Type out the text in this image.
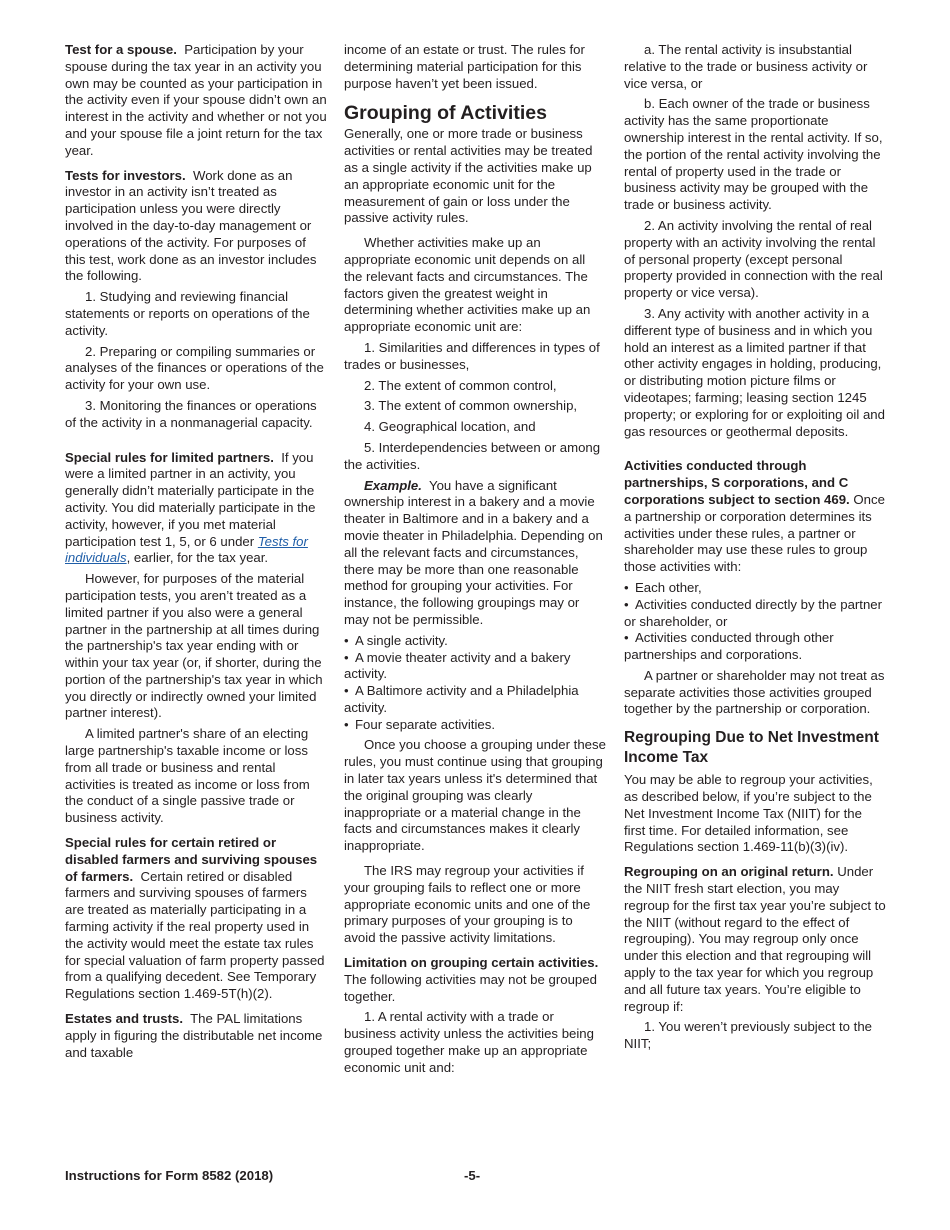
Test for a spouse. Participation by your spouse during the tax year in an activity you own may be counted as your participation in the activity even if your spouse didn’t own an interest in the activity and whether or not you and your spouse file a joint return for the tax year.

Tests for investors. Work done as an investor in an activity isn’t treated as participation unless you were directly involved in the day-to-day management or operations of the activity. For purposes of this test, work done as an investor includes the following.

1. Studying and reviewing financial statements or reports on operations of the activity.

2. Preparing or compiling summaries or analyses of the finances or operations of the activity for your own use.

3. Monitoring the finances or operations of the activity in a nonmanagerial capacity.

Special rules for limited partners. If you were a limited partner in an activity, you generally didn’t materially participate in the activity. You did materially participate in the activity, however, if you met material participation test 1, 5, or 6 under Tests for individuals, earlier, for the tax year.

However, for purposes of the material participation tests, you aren’t treated as a limited partner if you also were a general partner in the partnership at all times during the partnership's tax year ending with or within your tax year (or, if shorter, during the portion of the partnership's tax year in which you directly or indirectly owned your limited partner interest).

A limited partner's share of an electing large partnership's taxable income or loss from all trade or business and rental activities is treated as income or loss from the conduct of a single passive trade or business activity.

Special rules for certain retired or disabled farmers and surviving spouses of farmers. Certain retired or disabled farmers and surviving spouses of farmers are treated as materially participating in a farming activity if the real property used in the activity would meet the estate tax rules for special valuation of farm property passed from a qualifying decedent. See Temporary Regulations section 1.469-5T(h)(2).

Estates and trusts. The PAL limitations apply in figuring the distributable net income and taxable

income of an estate or trust. The rules for determining material participation for this purpose haven’t yet been issued.

Grouping of Activities

Generally, one or more trade or business activities or rental activities may be treated as a single activity if the activities make up an appropriate economic unit for the measurement of gain or loss under the passive activity rules.

Whether activities make up an appropriate economic unit depends on all the relevant facts and circumstances. The factors given the greatest weight in determining whether activities make up an appropriate economic unit are:

1. Similarities and differences in types of trades or businesses,

2. The extent of common control,

3. The extent of common ownership,

4. Geographical location, and

5. Interdependencies between or among the activities.

Example. You have a significant ownership interest in a bakery and a movie theater in Baltimore and in a bakery and a movie theater in Philadelphia. Depending on all the relevant facts and circumstances, there may be more than one reasonable method for grouping your activities. For instance, the following groupings may or may not be permissible.

• A single activity.
• A movie theater activity and a bakery activity.
• A Baltimore activity and a Philadelphia activity.
• Four separate activities.

Once you choose a grouping under these rules, you must continue using that grouping in later tax years unless it's determined that the original grouping was clearly inappropriate or a material change in the facts and circumstances makes it clearly inappropriate.

The IRS may regroup your activities if your grouping fails to reflect one or more appropriate economic units and one of the primary purposes of your grouping is to avoid the passive activity limitations.

Limitation on grouping certain activities.  The following activities may not be grouped together.

1. A rental activity with a trade or business activity unless the activities being grouped together make up an appropriate economic unit and:

a. The rental activity is insubstantial relative to the trade or business activity or vice versa, or

b. Each owner of the trade or business activity has the same proportionate ownership interest in the rental activity. If so, the portion of the rental activity involving the rental of property used in the trade or business activity may be grouped with the trade or business activity.

2. An activity involving the rental of real property with an activity involving the rental of personal property (except personal property provided in connection with the real property or vice versa).

3. Any activity with another activity in a different type of business and in which you hold an interest as a limited partner if that other activity engages in holding, producing, or distributing motion picture films or videotapes; farming; leasing section 1245 property; or exploring for or exploiting oil and gas resources or geothermal deposits.

Activities conducted through partnerships, S corporations, and C corporations subject to section 469. Once a partnership or corporation determines its activities under these rules, a partner or shareholder may use these rules to group those activities with:

• Each other,
• Activities conducted directly by the partner or shareholder, or
• Activities conducted through other partnerships and corporations.

A partner or shareholder may not treat as separate activities those activities grouped together by the partnership or corporation.

Regrouping Due to Net Investment Income Tax

You may be able to regroup your activities, as described below, if you’re subject to the Net Investment Income Tax (NIIT) for the first time. For detailed information, see Regulations section 1.469-11(b)(3)(iv).

Regrouping on an original return. Under the NIIT fresh start election, you may regroup for the first tax year you’re subject to the NIIT (without regard to the effect of regrouping). You may regroup only once under this election and that regrouping will apply to the tax year for which you regroup and all future tax years. You’re eligible to regroup if:

1. You weren’t previously subject to the NIIT;

Instructions for Form 8582 (2018)	-5-
